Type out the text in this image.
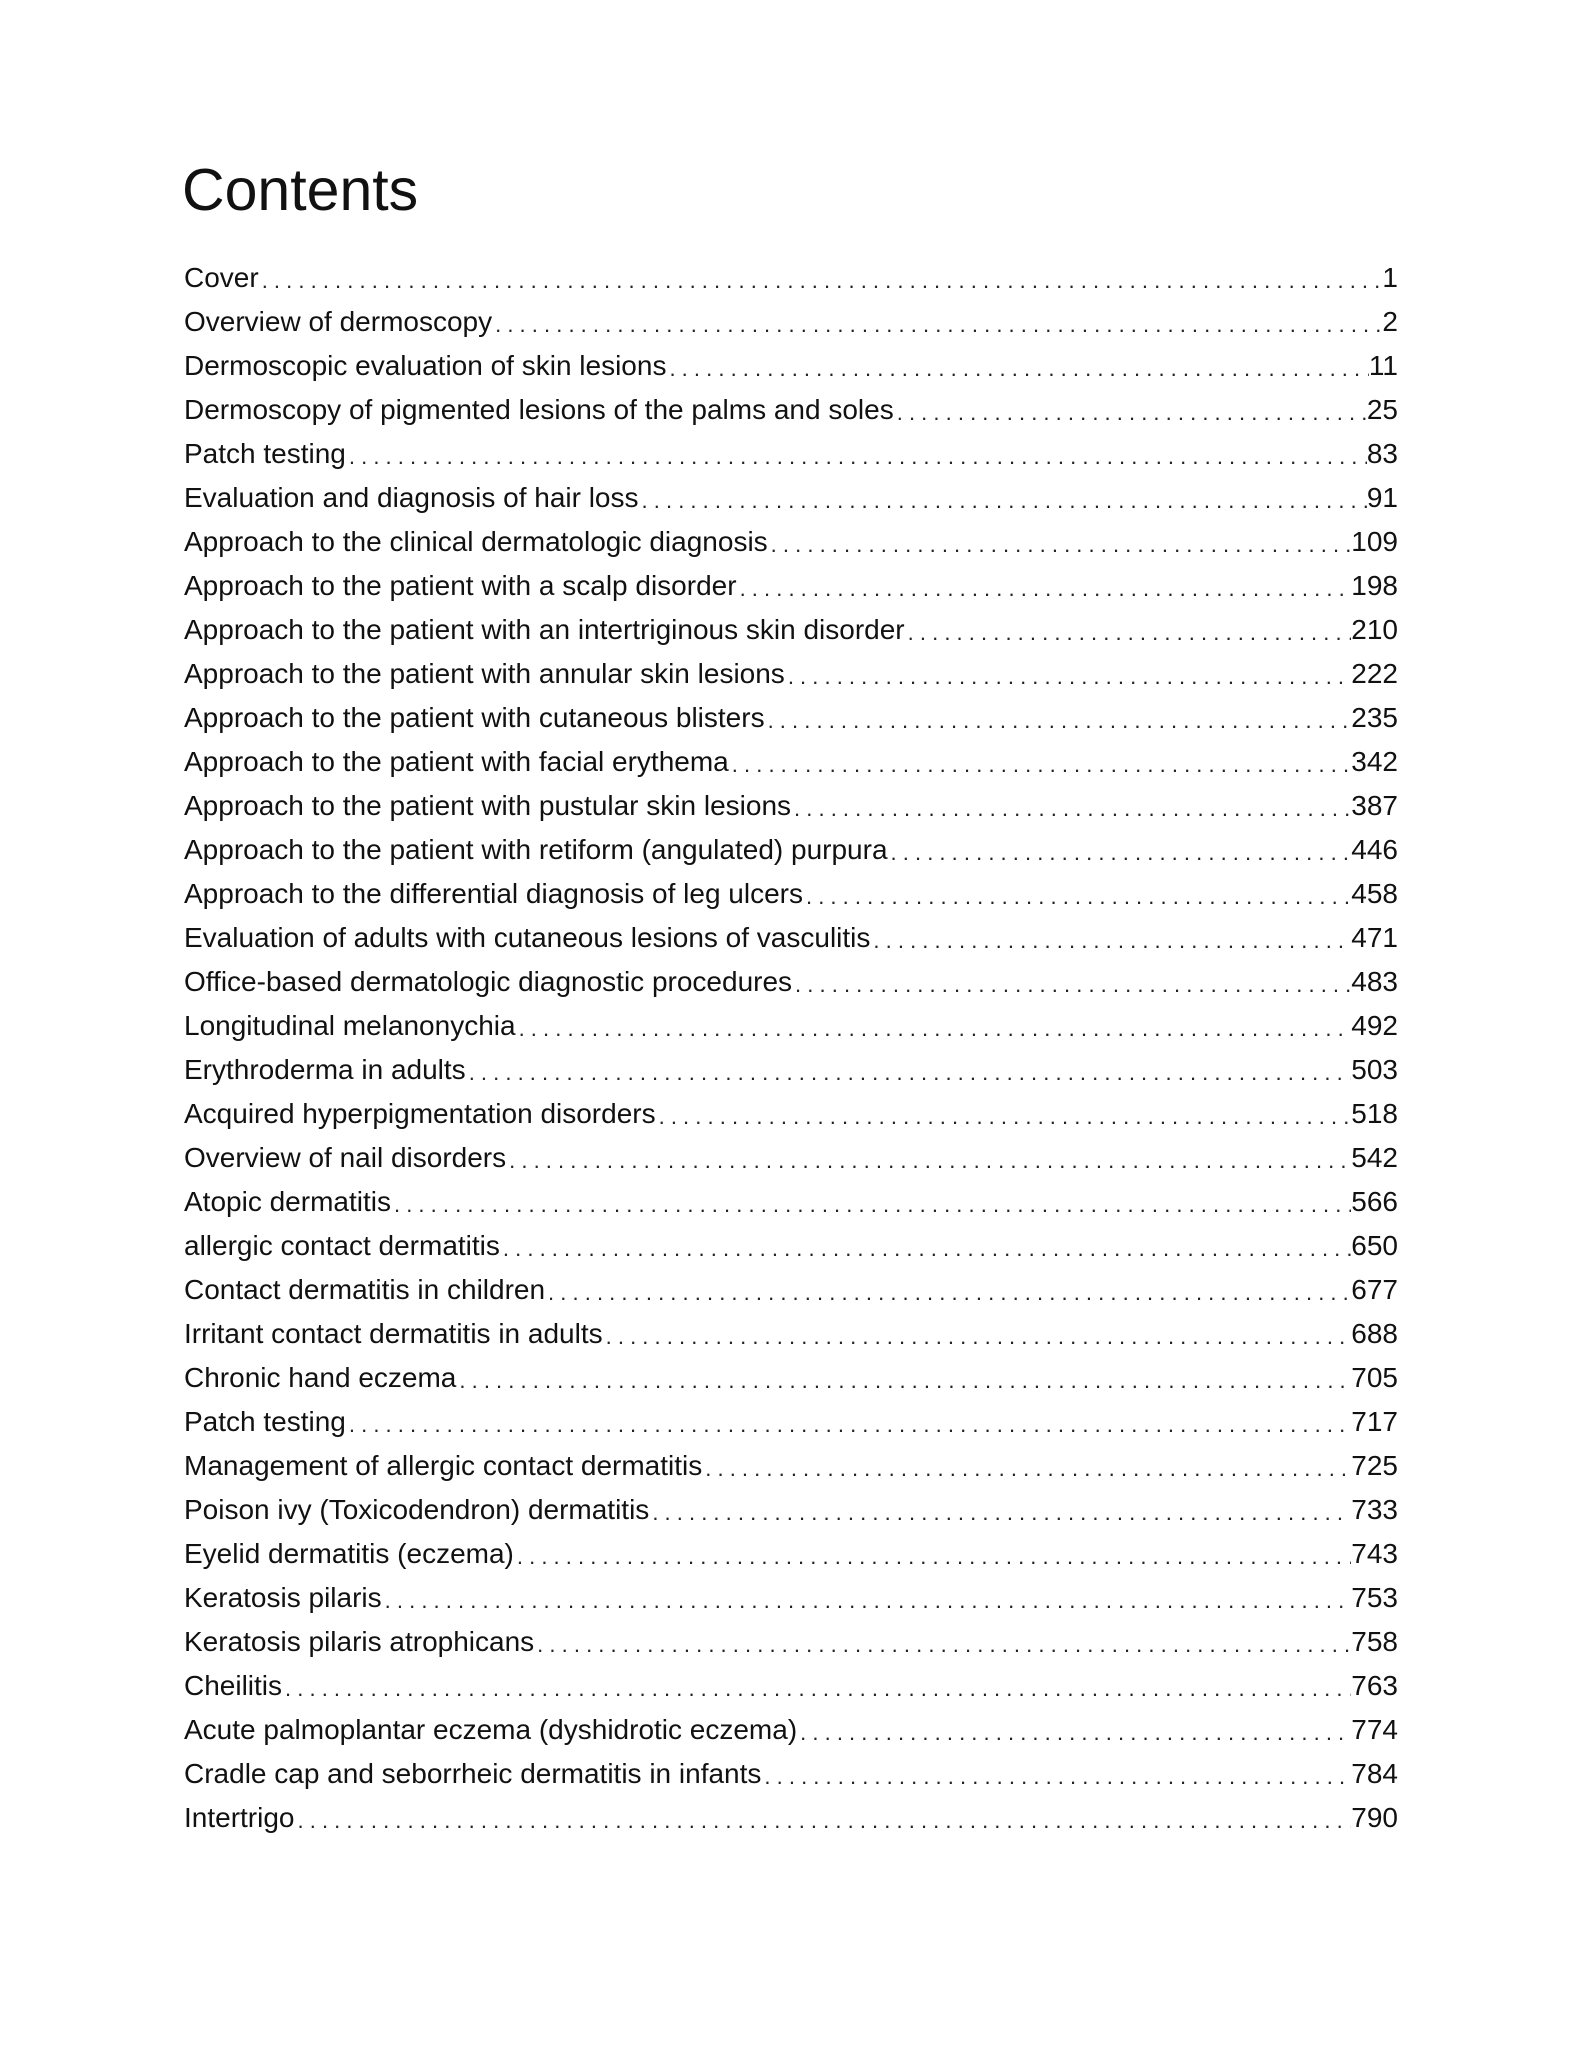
Contents
Cover . . .	1
Overview of dermoscopy . . .	2
Dermoscopic evaluation of skin lesions . . .	11
Dermoscopy of pigmented lesions of the palms and soles . . .	25
Patch testing . . .	83
Evaluation and diagnosis of hair loss . . .	91
Approach to the clinical dermatologic diagnosis . . .	109
Approach to the patient with a scalp disorder . . .	198
Approach to the patient with an intertriginous skin disorder . . .	210
Approach to the patient with annular skin lesions . . .	222
Approach to the patient with cutaneous blisters . . .	235
Approach to the patient with facial erythema . . .	342
Approach to the patient with pustular skin lesions . . .	387
Approach to the patient with retiform (angulated) purpura . . .	446
Approach to the differential diagnosis of leg ulcers . . .	458
Evaluation of adults with cutaneous lesions of vasculitis . . .	471
Office-based dermatologic diagnostic procedures . . .	483
Longitudinal melanonychia . . .	492
Erythroderma in adults . . .	503
Acquired hyperpigmentation disorders . . .	518
Overview of nail disorders . . .	542
Atopic dermatitis . . .	566
allergic contact dermatitis . . .	650
Contact dermatitis in children . . .	677
Irritant contact dermatitis in adults . . .	688
Chronic hand eczema . . .	705
Patch testing . . .	717
Management of allergic contact dermatitis . . .	725
Poison ivy (Toxicodendron) dermatitis . . .	733
Eyelid dermatitis (eczema) . . .	743
Keratosis pilaris . . .	753
Keratosis pilaris atrophicans . . .	758
Cheilitis . . .	763
Acute palmoplantar eczema (dyshidrotic eczema) . . .	774
Cradle cap and seborrheic dermatitis in infants . . .	784
Intertrigo . . .	790
